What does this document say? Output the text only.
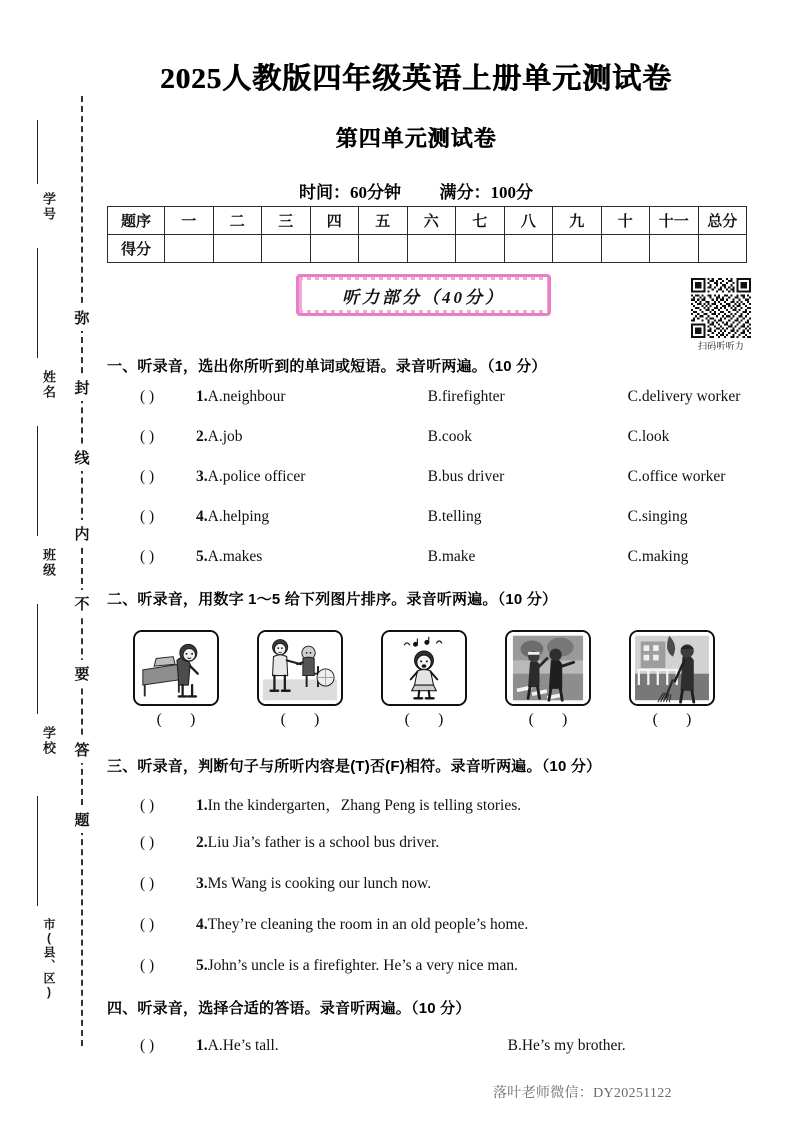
学号
姓名
班级
学校
市(县、区)
弥
封
线
内
不
要
答
题
2025人教版四年级英语上册单元测试卷
第四单元测试卷
时间：60分钟 满分：100分
题序	一	二	三	四	五	六	七	八	九	十	十一	总分
得分												
听力部分（40分）
扫码听听力
一、听录音，选出你所听到的单词或短语。录音听两遍。（10 分）
( )	1.A.neighbour	B.firefighter	C.delivery worker
( )	2.A.job	B.cook	C.look
( )	3.A.police officer	B.bus driver	C.office worker
( )	4.A.helping	B.telling	C.singing
( )	5.A.makes	B.make	C.making
二、听录音，用数字 1～5 给下列图片排序。录音听两遍。（10 分）
( )	( )	( )	( )	( )
三、听录音，判断句子与所听内容是(T)否(F)相符。录音听两遍。（10 分）
( )	1.In the kindergarten，Zhang Peng is telling stories.
( )	2.Liu Jia’s father is a school bus driver.
( )	3.Ms Wang is cooking our lunch now.
( )	4.They’re cleaning the room in an old people’s home.
( )	5.John’s uncle is a firefighter. He’s a very nice man.
四、听录音，选择合适的答语。录音听两遍。（10 分）
( )	1.A.He’s tall.	B.He’s my brother.
落叶老师微信：DY20251122
